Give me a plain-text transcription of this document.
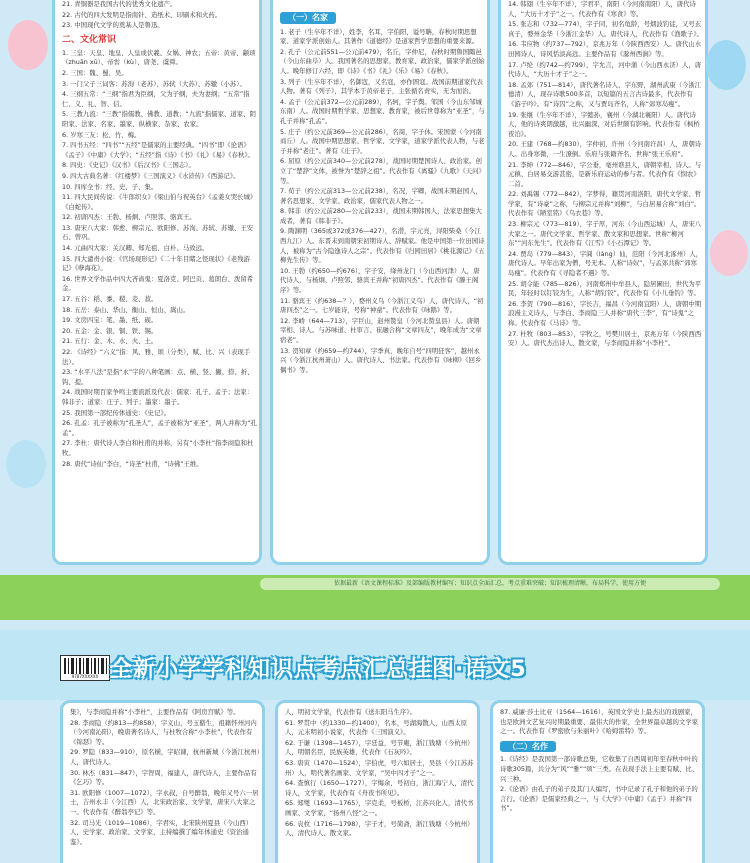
21. 青铜器是我国古代的优秀文化遗产。
22. 古代的四大发明是指南针、造纸术、印刷术和火药。
23. 中国现代文学的奠基人是鲁迅。
二、文化常识
1. 三皇：天皇、地皇、人皇或伏羲、女娲、神农；五帝：黄帝、颛顼（zhuān xū）、帝喾（kù）、唐尧、虞舜。
2. 三国：魏、蜀、吴。
3. 一门父子三词客：苏洵（老苏）、苏轼（大苏）、苏辙（小苏）。
4. 三纲五常：“三纲”指君为臣纲，父为子纲，夫为妻纲；“五常”指仁、义、礼、智、信。
5. 三教九流：“三教”指儒教、佛教、道教；“九流”指儒家、道家、阴阳家、法家、名家、墨家、纵横家、杂家、农家。
6. 岁寒三友：松、竹、梅。
7. 四书五经：“四书”“五经”是儒家的主要经典。“四书”即《论语》《孟子》《中庸》《大学》；“五经”指《诗》《书》《礼》《易》《春秋》。
8. 四史：《史记》《汉书》《后汉书》《三国志》。
9. 四大古典名著：《红楼梦》《三国演义》《水浒传》《西游记》。
10. 四库全书：经、史、子、集。
11. 四大民间传说：《牛郎织女》《梁山伯与祝英台》《孟姜女哭长城》《白蛇传》。
12. 初唐四杰：王勃、杨炯、卢照邻、骆宾王。
13. 唐宋八大家：韩愈、柳宗元、欧阳修、苏洵、苏轼、苏辙、王安石、曾巩。
14. 元曲四大家：关汉卿、郑光祖、白朴、马致远。
15. 四大谴责小说：《官场现形记》《二十年目睹之怪现状》《老残游记》《孽海花》。
16. 世界文学作品中四大吝啬鬼：夏洛克、阿巴贡、葛朗台、泼留希金。
17. 五谷：稻、黍、稷、麦、菽。
18. 五岳：泰山、华山、衡山、恒山、嵩山。
19. 文房四宝：笔、墨、纸、砚。
20. 五金：金、银、铜、铁、锡。
21. 五行：金、木、水、火、土。
22. 《诗经》“六义”指：风、雅、颂（分类），赋、比、兴（表现手法）。
23. “水平八法”是指“永”字的八种笔画：点、横、竖、撇、捺、折、钩、提。
24. 战国时期百家争鸣主要流派及代表：儒家：孔子、孟子；法家：韩非子；道家：庄子、列子；墨家：墨子。
25. 我国第一部纪传体通史：《史记》。
26. 孔孟：孔子被称为“孔圣人”，孟子被称为“亚圣”，两人并称为“孔孟”。
27. 李杜：唐代诗人李白和杜甫的并称，另有“小李杜”指李商隐和杜牧。
28. 唐代“诗仙”李白，“诗圣”杜甫，“诗佛”王维。
（一）名家
1. 老子（生卒年不详），姓李，名耳，字伯阳，谥号聃，春秋时期思想家、道家学派创始人。其著作《道德经》是道家哲学思想的重要来源。
2. 孔子（公元前551—公元前479），名丘，字仲尼，春秋时期鲁国陬邑（今山东曲阜）人。我国著名的思想家、教育家、政治家，儒家学派创始人。晚年修订六经，即《诗》《书》《礼》《乐》《易》《春秋》。
3. 列子（生卒年不详），名御寇，又名寇，亦作圄寇。战国前期道家代表人物。著有《列子》，其学本于黄帝老子，主张循名责实，无为而治。
4. 孟子（公元前372—公元前289），名轲，字子舆。邹国（今山东邹城东南）人。战国时期哲学家、思想家、教育家，被后世尊称为“亚圣”，与孔子并称“孔孟”。
5. 庄子（约公元前369—公元前286），名周，字子休。宋国蒙（今河南商丘）人。战国中期思想家、哲学家、文学家，道家学派代表人物，与老子并称“老庄”。著有《庄子》。
6. 屈原（约公元前340—公元前278），战国时期楚国诗人、政治家。创立了“楚辞”文体，被誉为“楚辞之祖”。代表作有《离骚》《九歌》《天问》等。
7. 荀子（约公元前313—公元前238），名况，字卿，战国末期赵国人，著名思想家、文学家、政治家，儒家代表人物之一。
8. 韩非（约公元前280—公元前233），战国末期韩国人，法家思想集大成者，著有《韩非子》。
9. 陶渊明（365或372或376—427），名潜，字元亮，浔阳柴桑（今江西九江）人。东晋末到南朝宋初期诗人、辞赋家。他是中国第一位田园诗人，被称为“古今隐逸诗人之宗”。代表作有《归园田居》《桃花源记》《五柳先生传》等。
10. 王勃（约650—约676），字子安，绛州龙门（今山西河津）人，唐代诗人，与杨炯、卢照邻、骆宾王并称“初唐四杰”。代表作有《滕王阁序》等。
11. 骆宾王（约638—？），婺州义乌（今浙江义乌）人，唐代诗人，“初唐四杰”之一。七岁能诗，号称“神童”。代表作有《咏鹅》等。
12. 李峤（644—713），字巨山，赵州赞皇（今河北赞皇县）人。唐朝宰相、诗人。与苏味道、杜审言、崔融合称“文章四友”，晚年成为“文章宿老”。
13. 贺知章（约659—约744），字季真，晚年自号“四明狂客”，越州永兴（今浙江杭州萧山）人。唐代诗人、书法家。代表作有《咏柳》《回乡偶书》等。
14. 韩翃（生卒年不详），字君平，南阳（今河南南阳）人，唐代诗人，“大历十才子”之一。代表作有《寒食》等。
15. 张志和（732—774），字子同，初名龟龄，号烟波钓徒，又号玄真子，婺州金华（今浙江金华）人。唐代诗人，代表作有《渔歌子》。
16. 韦应物（约737—792），京兆万年（今陕西西安）人。唐代山水田园诗人，诗风恬淡高远。主要作品有《滁州西涧》等。
17. 卢纶（约742—约799），字允言，河中蒲（今山西永济）人，唐代诗人，“大历十才子”之一。
18. 孟郊（751—814），唐代著名诗人，字东野，湖州武康（今浙江德清）人，现存诗歌500多首，以短篇的五言古诗最多，代表作有《游子吟》。有“诗囚”之称，又与贾岛齐名，人称“郊寒岛瘦”。
19. 张继（生卒年不详），字懿孙，襄州（今湖北襄阳）人。唐代诗人，他的诗爽朗激越，比兴幽深，对后世颇有影响。代表作有《枫桥夜泊》。
20. 王建（768—约830），字仲初，许州（今河南许昌）人，唐朝诗人。出身寒微，一生潦倒。乐府与张籍齐名，世称“张王乐府”。
21. 李绅（772—846），字公垂，亳州谯县人，唐朝宰相、诗人。与元稹、白居易交游甚密，是新乐府运动的参与者。代表作有《悯农》二首。
22. 刘禹锡（772—842），字梦得，籍贯河南洛阳，唐代文学家、哲学家，有“诗豪”之称，与柳宗元并称“刘柳”，与白居易合称“刘白”。代表作有《陋室铭》《乌衣巷》等。
23. 柳宗元（773—819），字子厚，河东（今山西运城）人，唐宋八大家之一。唐代文学家、哲学家、散文家和思想家。世称“柳河东”“河东先生”。代表作有《江雪》《小石潭记》等。
24. 贾岛（779—843），字阆（làng）仙，范阳（今河北涿州）人，唐代诗人。早年出家为僧，号无本。人称“诗奴”，与孟郊共称“郊寒岛瘦”。代表作有《寻隐者不遇》等。
25. 胡令能（785—826），河南郑州中牟县人，隐居圃田，世代为平民，年轻时以钉铰为生，人称“胡钉铰”。代表作有《小儿垂钓》等。
26. 李贺（790—816），字长吉，福昌（今河南宜阳）人，唐朝中期浪漫主义诗人，与李白、李商隐三人并称“唐代三李”，有“诗鬼”之称。代表作有《马诗》等。
27. 杜牧（803—853），字牧之，号樊川居士，京兆万年（今陕西西安）人。唐代杰出诗人、散文家，与李商隐并称“小李杜”。
依据最新《语文课程标准》及部编版教材编写；知识点全面汇总，考点重难突破；知识梳理清晰，布局科学，使用方便
9787XXXXXX 全新小学学科知识点考点汇总挂图·语文5
集》，与李商隐并称“小李杜”，主要作品有《阿房宫赋》等。
28. 李商隐（约813—约858），字义山，号玉谿生，祖籍怀州河内（今河南沁阳），晚唐著名诗人，与杜牧合称“小李杜”，代表作有《锦瑟》等。
29. 罗隐（833—910），原名横，字昭谏，杭州新城（今浙江杭州）人，唐代诗人。
30. 林杰（831—847），字智周，福建人，唐代诗人，主要作品有《乞巧》等。
31. 欧阳修（1007—1072），字永叔，自号醉翁，晚年又号六一居士，吉州永丰（今江西）人，北宋政治家、文学家，唐宋八大家之一。代表作有《醉翁亭记》等。
32. 司马光（1019—1086），字君实，北宋陕州夏县（今山西）人，史学家、政治家、文学家，主持编撰了编年体通史《资治通鉴》。
人，明初文学家，代表作有《送东阳马生序》。
61. 罗贯中（约1330—约1400），名本，号湖海散人，山西太原人，元末明初小说家，代表作《三国演义》。
62. 于谦（1398—1457），字廷益，号节庵，浙江钱塘（今杭州）人，明朝名臣，民族英雄，代表作《石灰吟》。
63. 唐寅（1470—1524），字伯虎，号六如居士，吴县（今江苏苏州）人，明代著名画家、文学家，“吴中四才子”之一。
64. 查慎行（1650—1727），字悔余，号初白，浙江海宁人，清代诗人，文学家，代表作有《舟夜书所见》。
65. 郑燮（1693—1765），字克柔，号板桥，江苏兴化人，清代书画家、文学家，“扬州八怪”之一。
66. 袁枚（1716—1798），字子才，号简斋，浙江钱塘（今杭州）人，清代诗人、散文家。
87. 威廉·莎士比亚（1564—1616），英国文学史上最杰出的戏剧家，也是欧洲文艺复兴时期最重要、最伟大的作家，全世界最卓越的文学家之一。代表作有《罗密欧与朱丽叶》《哈姆雷特》等。
（二）名作
1.《诗经》是我国第一部诗歌总集，它收集了自西周初年至春秋中叶的诗歌305篇，共分为“风”“雅”“颂”三类。在表现手法上主要有赋、比、兴三种。
2.《论语》由孔子的弟子及其门人编写，书中记录了孔子和他的弟子的言行。《论语》是儒家经典之一，与《大学》《中庸》《孟子》并称“四书”。
